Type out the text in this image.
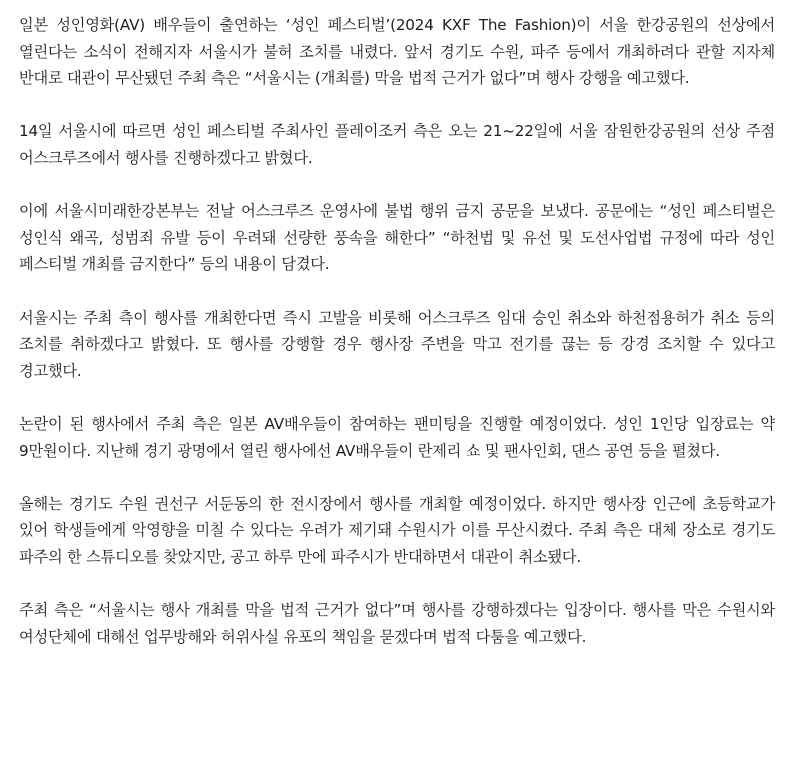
일본 성인영화(AV) 배우들이 출연하는 ‘성인 페스티벌’(2024 KXF The Fashion)이 서울 한강공원의 선상에서 열린다는 소식이 전해지자 서울시가 불허 조치를 내렸다. 앞서 경기도 수원, 파주 등에서 개최하려다 관할 지자체 반대로 대관이 무산됐던 주최 측은 “서울시는 (개최를) 막을 법적 근거가 없다”며 행사 강행을 예고했다.

14일 서울시에 따르면 성인 페스티벌 주최사인 플레이조커 측은 오는 21~22일에 서울 잠원한강공원의 선상 주점 어스크루즈에서 행사를 진행하겠다고 밝혔다.

이에 서울시미래한강본부는 전날 어스크루즈 운영사에 불법 행위 금지 공문을 보냈다. 공문에는 “성인 페스티벌은 성인식 왜곡, 성범죄 유발 등이 우려돼 선량한 풍속을 해한다” “하천법 및 유선 및 도선사업법 규정에 따라 성인 페스티벌 개최를 금지한다” 등의 내용이 담겼다.

서울시는 주최 측이 행사를 개최한다면 즉시 고발을 비롯해 어스크루즈 임대 승인 취소와 하천점용허가 취소 등의 조치를 취하겠다고 밝혔다. 또 행사를 강행할 경우 행사장 주변을 막고 전기를 끊는 등 강경 조치할 수 있다고 경고했다.

논란이 된 행사에서 주최 측은 일본 AV배우들이 참여하는 팬미팅을 진행할 예정이었다. 성인 1인당 입장료는 약 9만원이다. 지난해 경기 광명에서 열린 행사에선 AV배우들이 란제리 쇼 및 팬사인회, 댄스 공연 등을 펼쳤다.

올해는 경기도 수원 권선구 서둔동의 한 전시장에서 행사를 개최할 예정이었다. 하지만 행사장 인근에 초등학교가 있어 학생들에게 악영향을 미칠 수 있다는 우려가 제기돼 수원시가 이를 무산시켰다. 주최 측은 대체 장소로 경기도 파주의 한 스튜디오를 찾았지만, 공고 하루 만에 파주시가 반대하면서 대관이 취소됐다.

주최 측은 “서울시는 행사 개최를 막을 법적 근거가 없다”며 행사를 강행하겠다는 입장이다. 행사를 막은 수원시와 여성단체에 대해선 업무방해와 허위사실 유포의 책임을 묻겠다며 법적 다툼을 예고했다.
